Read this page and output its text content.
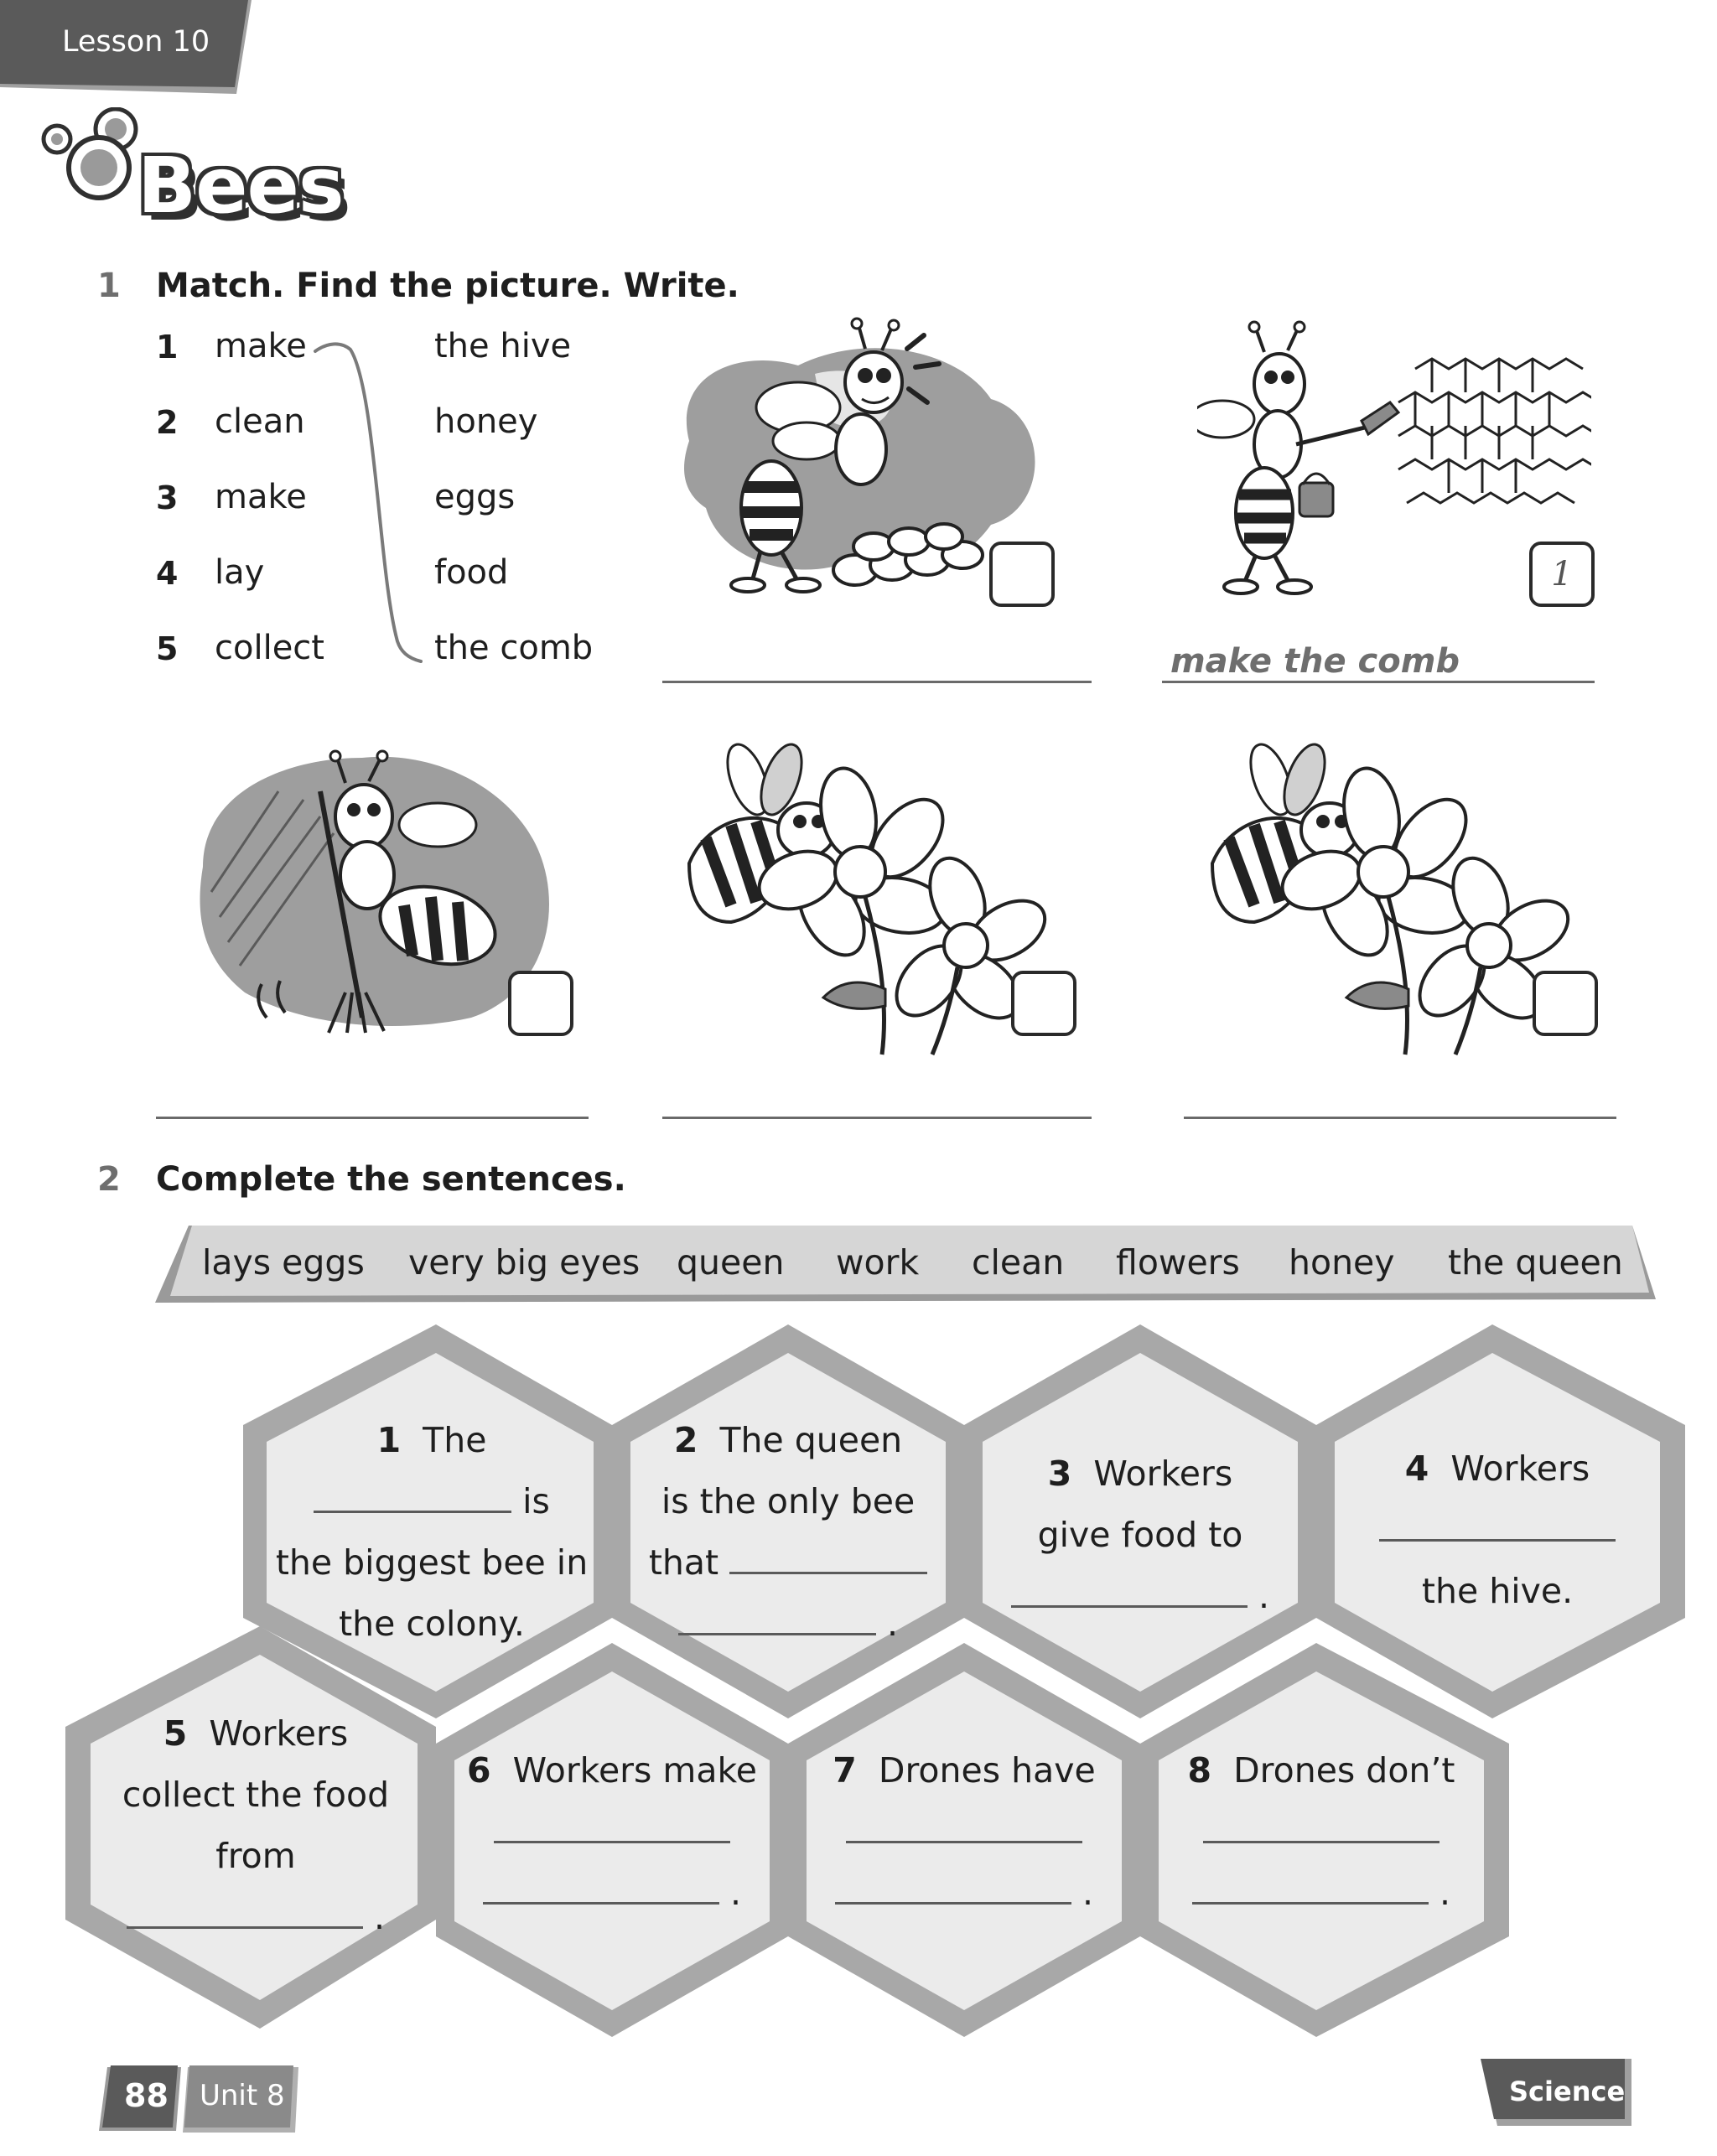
Lesson 10
Bees
1 Match. Find the picture. Write.
1 make	the hive
2 clean	honey
3 make	eggs
4 lay	food
5 collect	the comb
1
make the comb
2 Complete the sentences.
lays eggs very big eyes queen work clean flowers honey the queen
1 The
is
the biggest bee in
the colony.
2 The queen
is the only bee
that
.
3 Workers
give food to
.
4 Workers
the hive.
5 Workers
collect the food
from
.
6 Workers make
.
7 Drones have
.
8 Drones don’t
.
88 Unit 8	Science
